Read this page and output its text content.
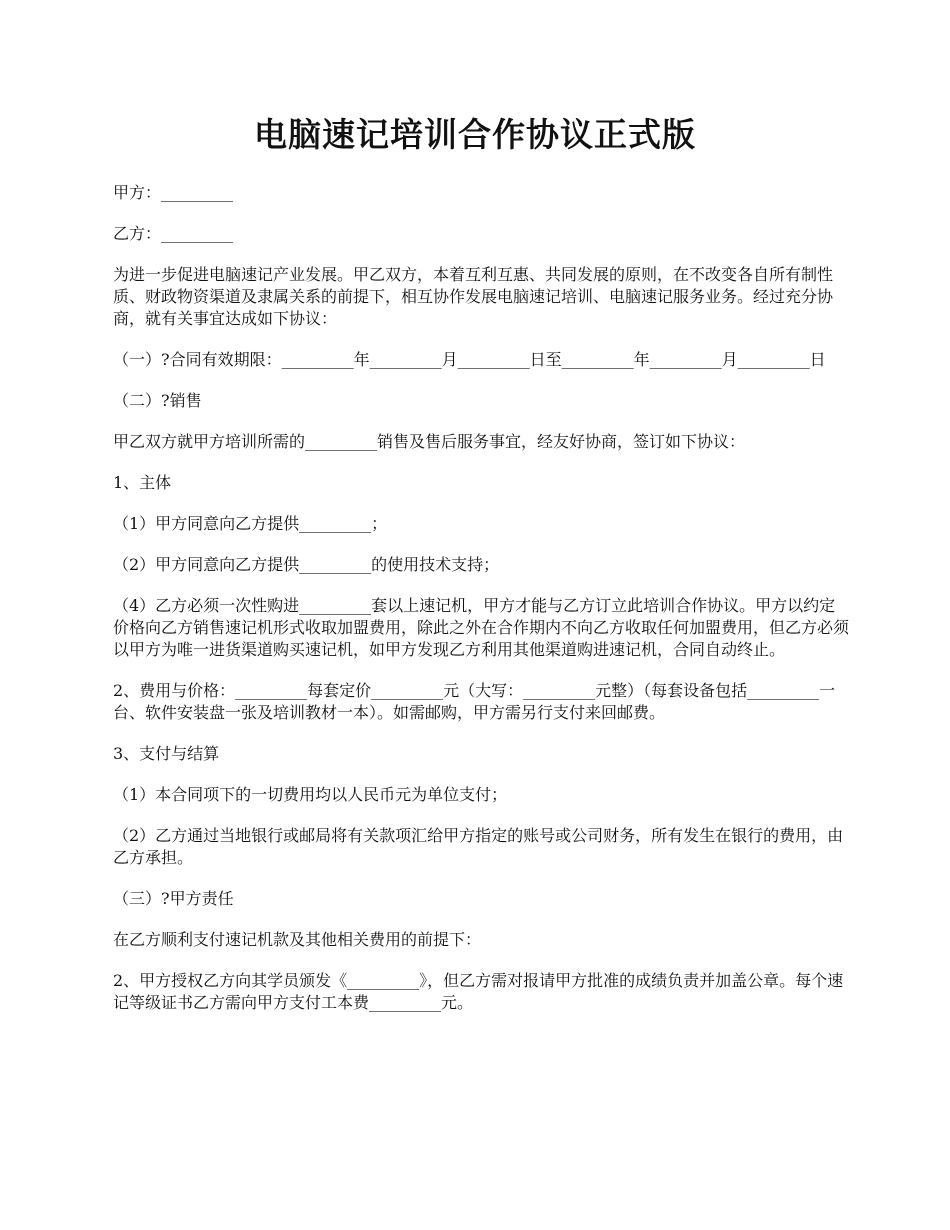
电脑速记培训合作协议正式版

甲方：_________

乙方：_________

为进一步促进电脑速记产业发展。甲乙双方，本着互利互惠、共同发展的原则，在不改变各自所有制性质、财政物资渠道及隶属关系的前提下，相互协作发展电脑速记培训、电脑速记服务业务。经过充分协商，就有关事宜达成如下协议：

（一）?合同有效期限：_________年_________月_________日至_________年_________月_________日

（二）?销售

甲乙双方就甲方培训所需的_________销售及售后服务事宜，经友好协商，签订如下协议：

1、主体

（1）甲方同意向乙方提供_________；

（2）甲方同意向乙方提供_________的使用技术支持；

（4）乙方必须一次性购进_________套以上速记机，甲方才能与乙方订立此培训合作协议。甲方以约定价格向乙方销售速记机形式收取加盟费用，除此之外在合作期内不向乙方收取任何加盟费用，但乙方必须以甲方为唯一进货渠道购买速记机，如甲方发现乙方利用其他渠道购进速记机，合同自动终止。

2、费用与价格：_________每套定价_________元（大写：_________元整）（每套设备包括_________一台、软件安装盘一张及培训教材一本）。如需邮购，甲方需另行支付来回邮费。

3、支付与结算

（1）本合同项下的一切费用均以人民币元为单位支付；

（2）乙方通过当地银行或邮局将有关款项汇给甲方指定的账号或公司财务，所有发生在银行的费用，由乙方承担。

（三）?甲方责任

在乙方顺利支付速记机款及其他相关费用的前提下：

2、甲方授权乙方向其学员颁发《_________》，但乙方需对报请甲方批准的成绩负责并加盖公章。每个速记等级证书乙方需向甲方支付工本费_________元。
